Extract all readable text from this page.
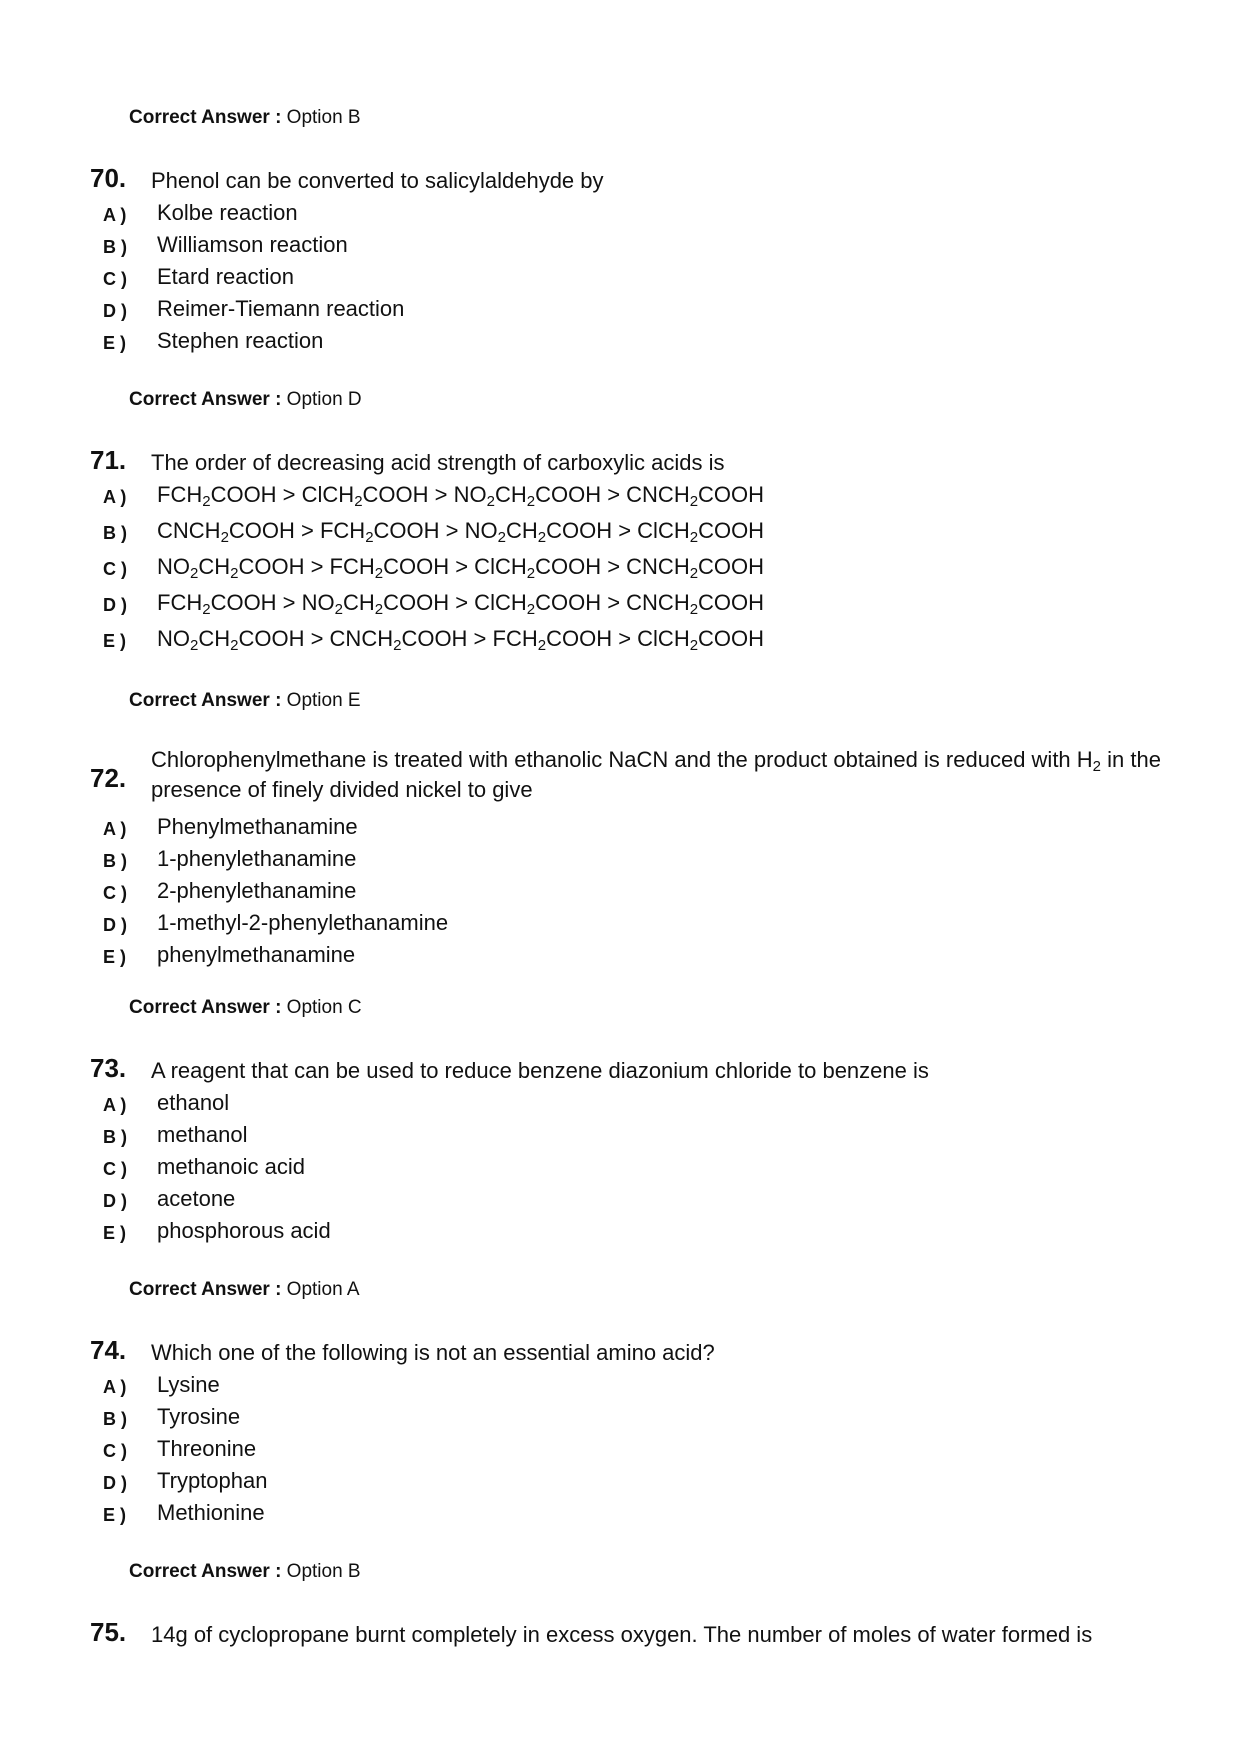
Correct Answer : Option B
70. Phenol can be converted to salicylaldehyde by
A ) Kolbe reaction
B ) Williamson reaction
C ) Etard reaction
D ) Reimer-Tiemann reaction
E ) Stephen reaction
Correct Answer : Option D
71. The order of decreasing acid strength of carboxylic acids is
A ) $FCH_2COOH$ > ClCH$_2$COOH > $NO_2CH_2COOH$ > $CNCH_2COOH$
B ) $CNCH_2COOH$ > $FCH_2COOH$ > $NO_2CH_2COOH$ > ClCH$_2$COOH
C ) $NO_2CH_2COOH$ > $FCH_2COOH$ > ClCH$_2$COOH > $CNCH_2COOH$
D ) $FCH_2COOH$ > $NO_2CH_2COOH$ > ClCH$_2$COOH > $CNCH_2COOH$
E ) $NO_2CH_2COOH$ > $CNCH_2COOH$ > $FCH_2COOH$ > ClCH$_2$COOH
Correct Answer : Option E
72.
Chlorophenylmethane is treated with ethanolic NaCN and the product obtained is reduced with $H_2$ in the presence of finely divided nickel to give
A ) Phenylmethanamine
B ) 1-phenylethanamine
C ) 2-phenylethanamine
D ) 1-methyl-2-phenylethanamine
E ) phenylmethanamine
Correct Answer : Option C
73. A reagent that can be used to reduce benzene diazonium chloride to benzene is
A ) ethanol
B ) methanol
C ) methanoic acid
D ) acetone
E ) phosphorous acid
Correct Answer : Option A
74. Which one of the following is not an essential amino acid?
A ) Lysine
B ) Tyrosine
C ) Threonine
D ) Tryptophan
E ) Methionine
Correct Answer : Option B
75. 14g of cyclopropane burnt completely in excess oxygen. The number of moles of water formed is
